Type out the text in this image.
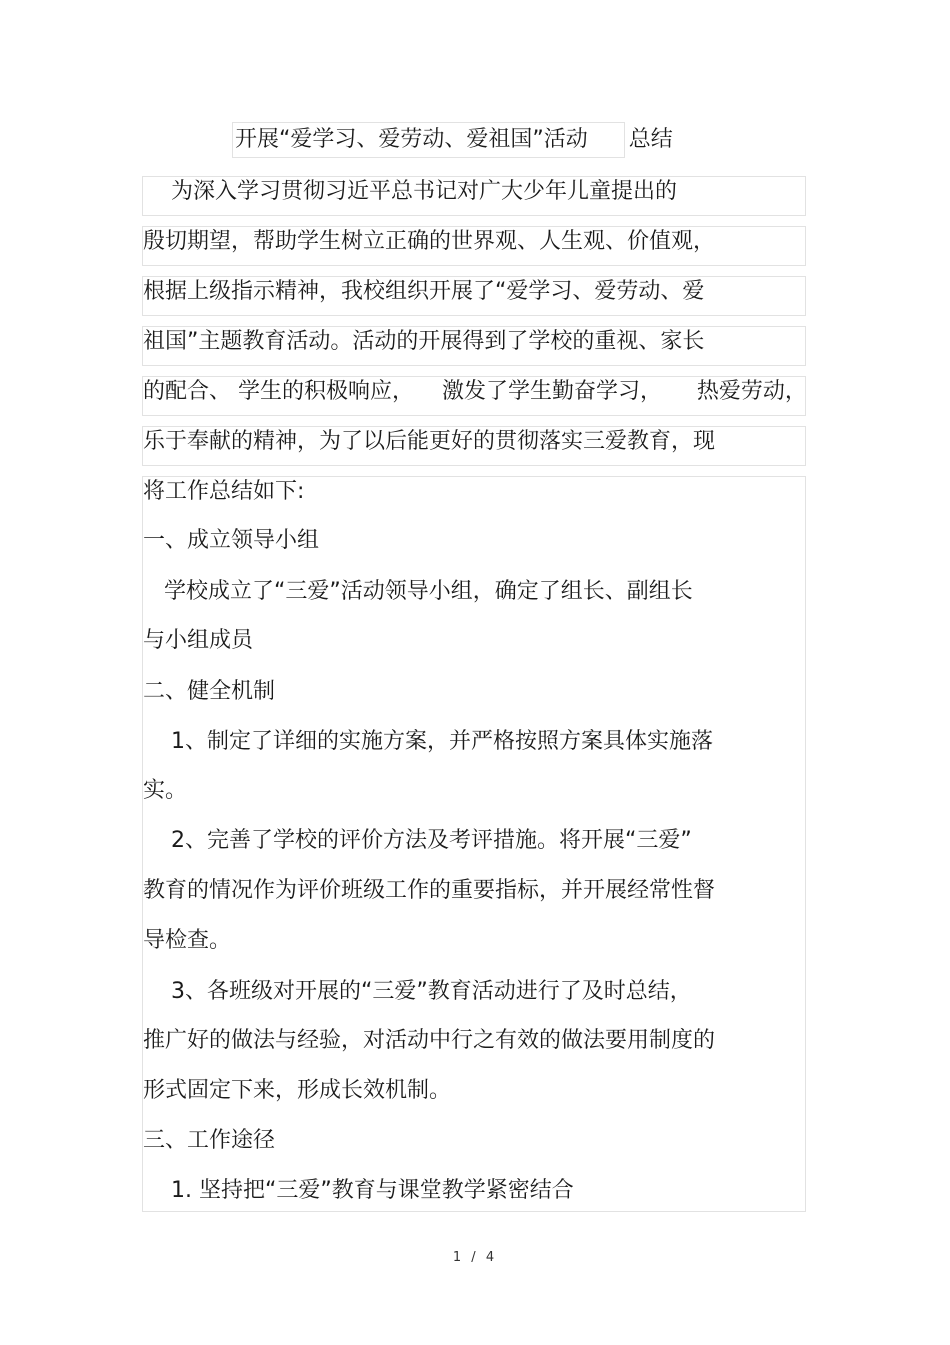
开展“爱学习、爱劳动、爱祖国”活动	总结
为深入学习贯彻习近平总书记对广大少年儿童提出的
殷切期望，帮助学生树立正确的世界观、人生观、价值观，
根据上级指示精神，我校组织开展了“爱学习、爱劳动、爱
祖国”主题教育活动。活动的开展得到了学校的重视、家长
的配合、 学生的积极响应，    激发了学生勤奋学习，     热爱劳动，
乐于奉献的精神，为了以后能更好的贯彻落实三爱教育，现
将工作总结如下:
一、成立领导小组
学校成立了“三爱”活动领导小组，确定了组长、副组长
与小组成员
二、健全机制
1、制定了详细的实施方案，并严格按照方案具体实施落
实。
2、完善了学校的评价方法及考评措施。将开展“三爱”
教育的情况作为评价班级工作的重要指标，并开展经常性督
导检查。
3、各班级对开展的“三爱”教育活动进行了及时总结，
推广好的做法与经验，对活动中行之有效的做法要用制度的
形式固定下来，形成长效机制。
三、工作途径
1. 坚持把“三爱”教育与课堂教学紧密结合
1 / 4
